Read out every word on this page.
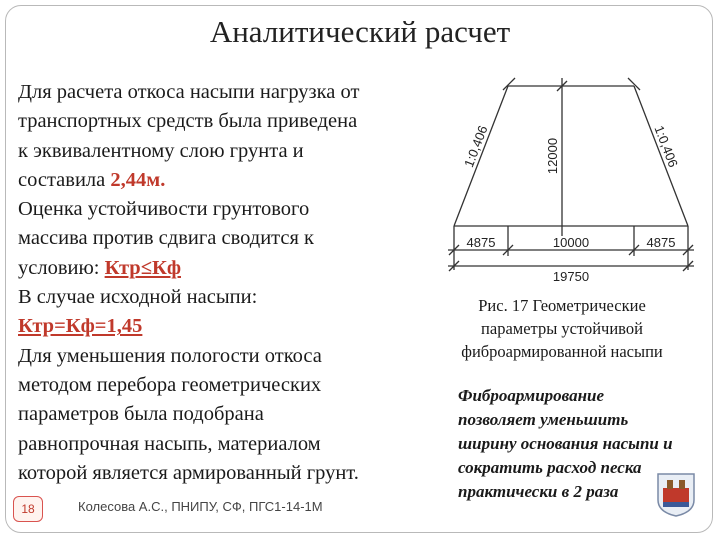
Аналитический расчет
Для расчета откоса насыпи нагрузка от
транспортных средств была приведена
к эквивалентному слою грунта и
составила 2,44м.
Оценка устойчивости грунтового
массива против сдвига сводится к
условию: Ктр≤Кф
В случае исходной насыпи:
Ктр=Кф=1,45
Для уменьшения пологости откоса
методом перебора геометрических
параметров была подобрана
равнопрочная насыпь, материалом
которой является армированный грунт.
1:0,406	1:0,406
12000
4875	10000	4875
19750
Рис. 17 Геометрические
параметры устойчивой
фиброармированной насыпи
Фиброармирование
позволяет уменьшить
ширину основания насыпи и
сократить расход песка
практически в 2 раза
18	Колесова А.С., ПНИПУ, СФ, ПГС1-14-1М
